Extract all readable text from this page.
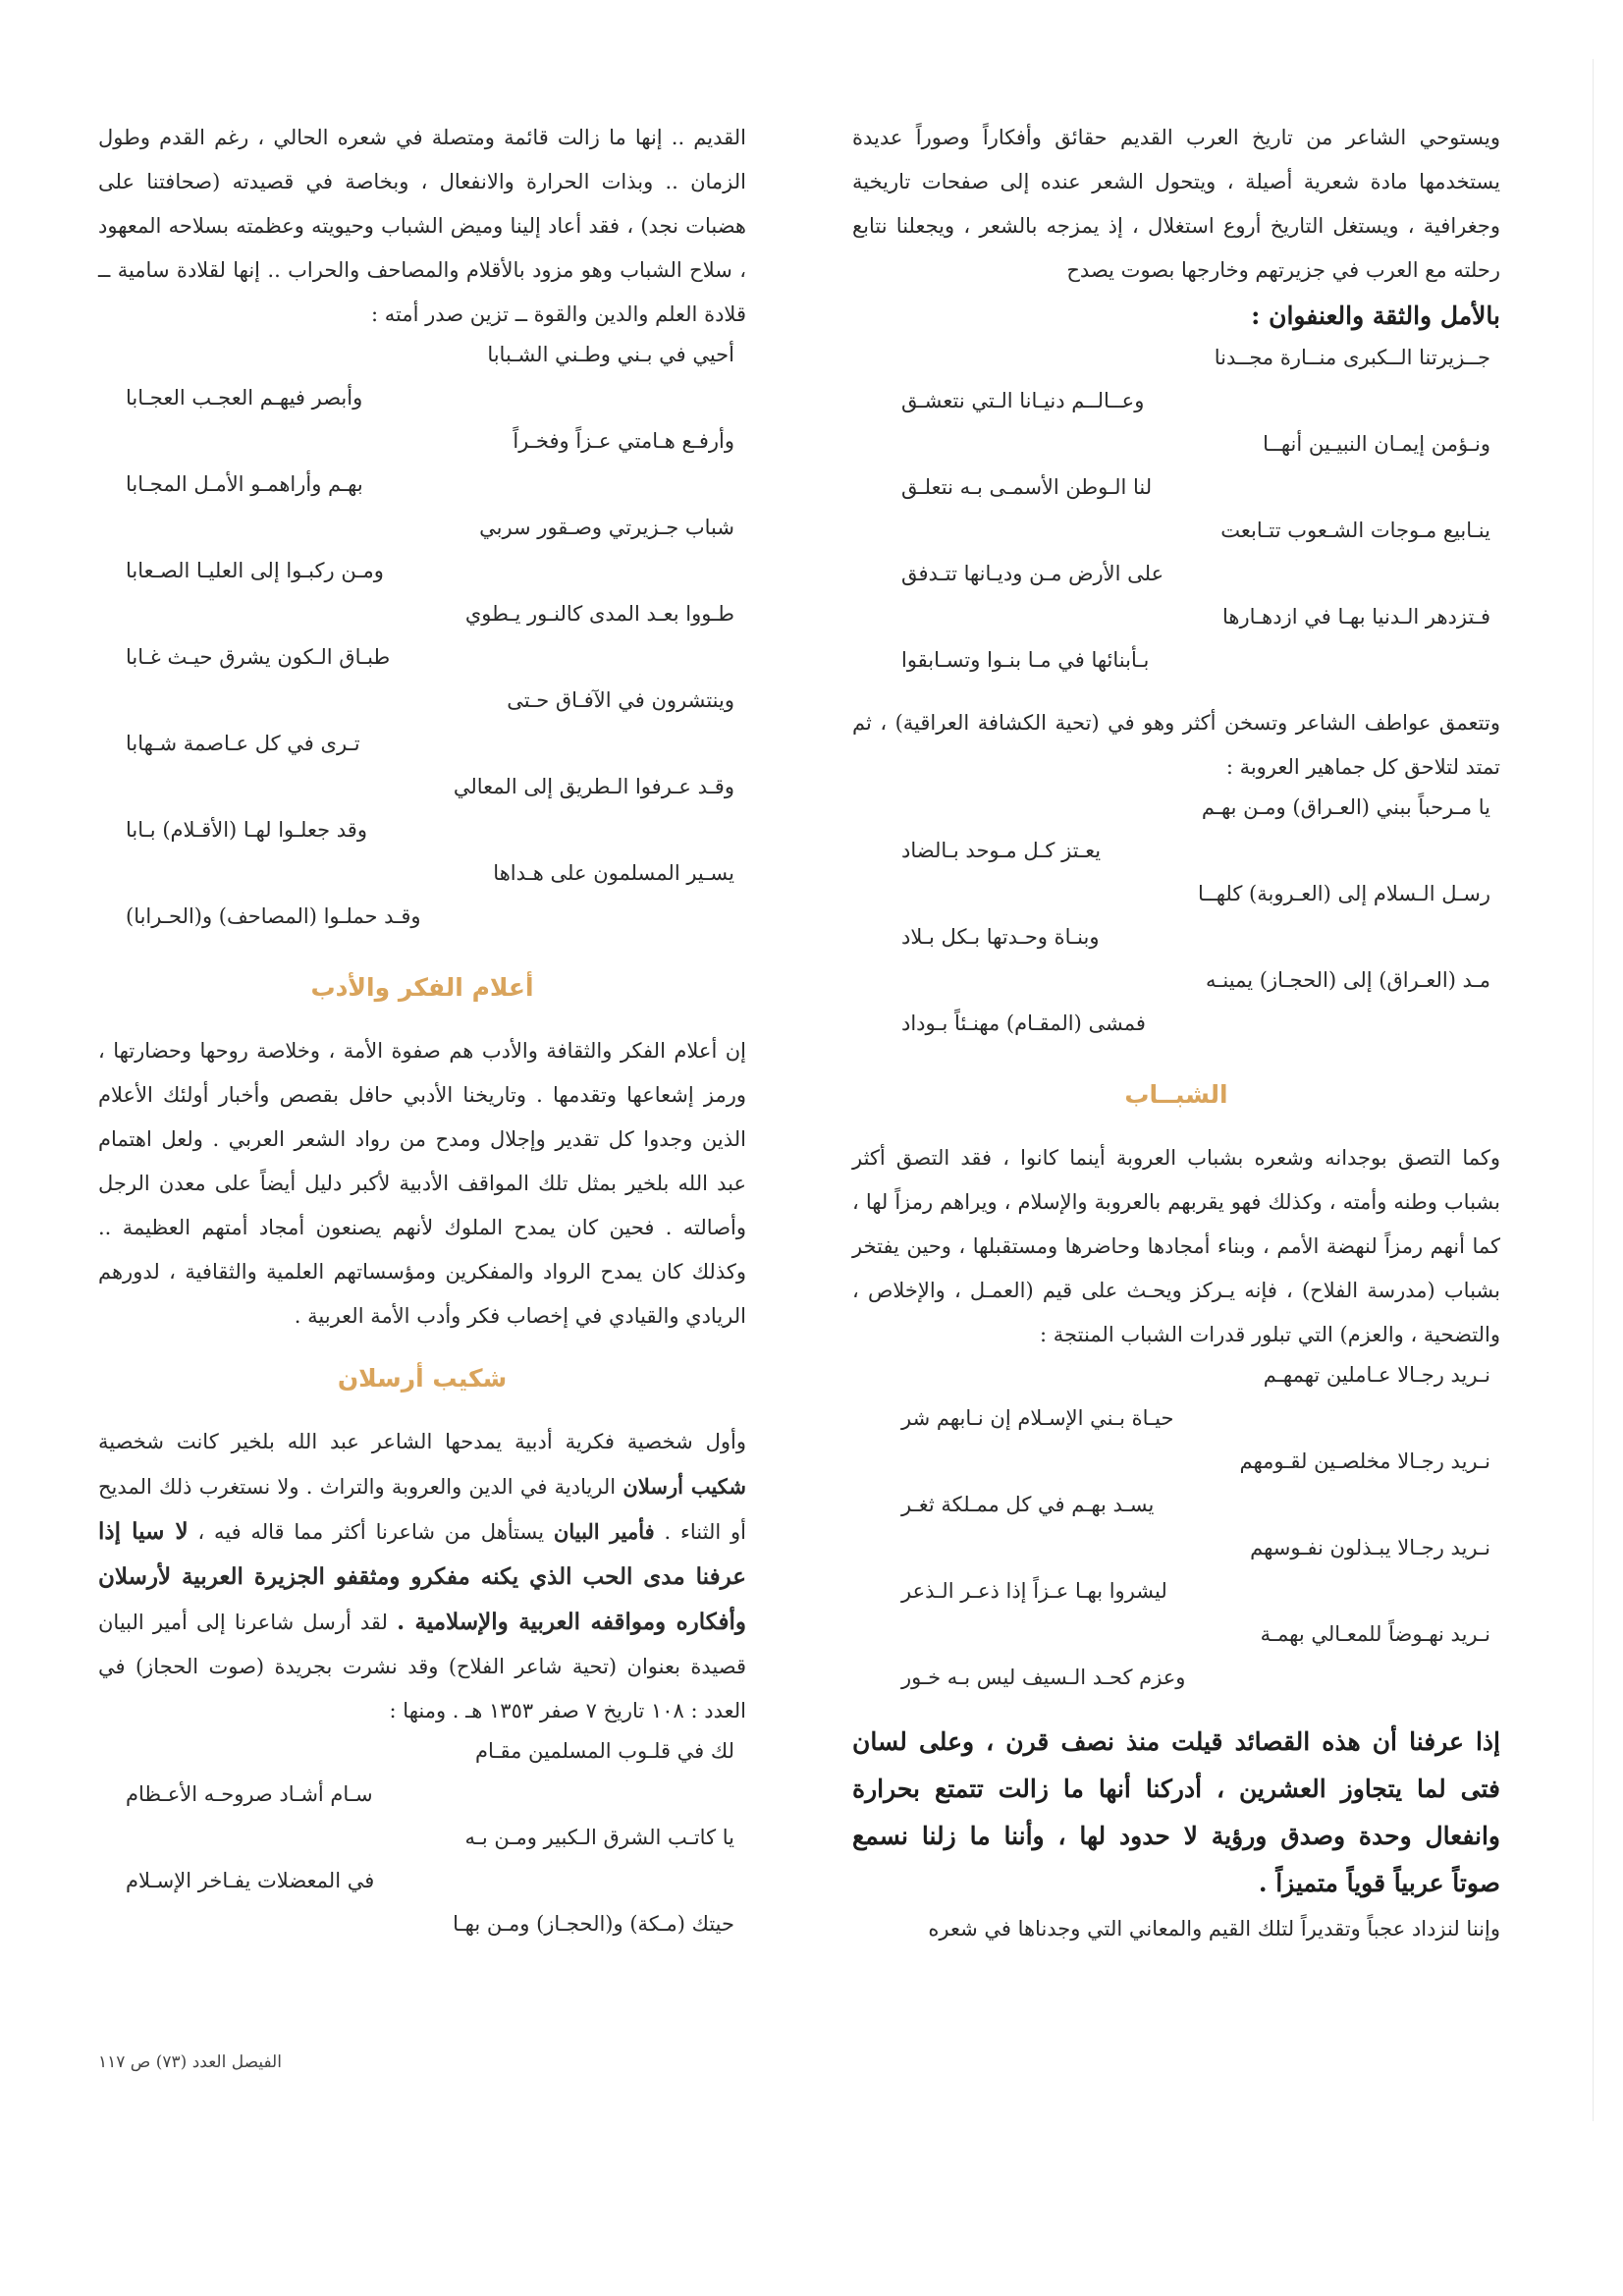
ويستوحي الشاعر من تاريخ العرب القديم حقائق وأفكاراً وصوراً عديدة يستخدمها مادة شعرية أصيلة ، ويتحول الشعر عنده إلى صفحات تاريخية وجغرافية ، ويستغل التاريخ أروع استغلال ، إذ يمزجه بالشعر ، ويجعلنا نتابع رحلته مع العرب في جزيرتهم وخارجها بصوت يصدح

بالأمل والثقة والعنفوان :

جــزيرتنا الــكبرى منــارة مجــدنا
وعــالــم دنيـانا الـتي نتعشـق
ونـؤمن إيمـان النبيـين أنهــا
لنا الـوطن الأسمـى بـه نتعلـق
ينـابيع مـوجات الشـعوب تتـابعت
على الأرض مـن وديـانها تتـدفق
فـتزدهر الـدنيا بهـا في ازدهـارها
بـأبنائها في مـا بنـوا وتسـابقوا

وتتعمق عواطف الشاعر وتسخن أكثر وهو في (تحية الكشافة العراقية) ، ثم تمتد لتلاحق كل جماهير العروبة :

يا مـرحباً ببني (العـراق) ومـن بهـم
يعـتز كـل مـوحد بـالضاد
رسـل الـسلام إلى (العـروبة) كلهــا
وبنـاة وحـدتها بـكل بـلاد
مـد (العـراق) إلى (الحجـاز) يمينـه
فمشى (المقـام) مهنـئاً بـوداد
الشبــاب

وكما التصق بوجدانه وشعره بشباب العروبة أينما كانوا ، فقد التصق أكثر بشباب وطنه وأمته ، وكذلك فهو يقربهم بالعروبة والإسلام ، ويراهم رمزاً لها ، كما أنهم رمزاً لنهضة الأمم ، وبناء أمجادها وحاضرها ومستقبلها ، وحين يفتخر بشباب (مدرسة الفلاح) ، فإنه يـركز ويحـث على قيم (العمـل ، والإخلاص ، والتضحية ، والعزم) التي تبلور قدرات الشباب المنتجة :

نـريد رجـالا عـاملين تهمهـم
حيـاة بـني الإسـلام إن نـابهم شر
نـريد رجـالا مخلصـين لقـومهم
يسـد بهـم في كل ممـلكة ثغـر
نـريد رجـالا يبـذلون نفـوسهم
ليشروا بهـا عـزاً إذا ذعـر الـذعر
نـريد نهـوضاً للمعـالي بهمـة
وعزم كحـد الـسيف ليس بـه خـور

إذا عرفنا أن هذه القصائد قيلت منذ نصف قرن ، وعلى لسان فتى لما يتجاوز العشرين ، أدركنا أنها ما زالت تتمتع بحرارة وانفعال وحدة وصدق ورؤية لا حدود لها ، وأننا ما زلنا نسمع صوتاً عربياً قوياً متميزاً .

وإننا لنزداد عجباً وتقديراً لتلك القيم والمعاني التي وجدناها في شعره

القديم .. إنها ما زالت قائمة ومتصلة في شعره الحالي ، رغم القدم وطول الزمان .. وبذات الحرارة والانفعال ، وبخاصة في قصيدته (صحافتنا على هضبات نجد) ، فقد أعاد إلينا وميض الشباب وحيويته وعظمته بسلاحه المعهود ، سلاح الشباب وهو مزود بالأقلام والمصاحف والحراب .. إنها لقلادة سامية ــ قلادة العلم والدين والقوة ــ تزين صدر أمته :

أحيي في بـني وطـني الشـبابا
وأبصر فيهـم العجـب العجـابا
وأرفـع هـامتي عـزاً وفخـراً
بهـم وأراهمـو الأمـل المجـابا
شباب جـزيرتي وصـقور سربي
ومـن ركبـوا إلى العليـا الصـعابا
طـووا بعـد المدى كالنـور يـطوي
طبـاق الـكون يشرق حيـث غـابا
وينتشرون في الآفـاق حـتى
تـرى في كل عـاصمة شـهابا
وقـد عـرفوا الـطريق إلى المعالي
وقد جعلـوا لهـا (الأقـلام) بـابا
يسـير المسلمون على هـداها
وقـد حملـوا (المصاحف) و(الحـرابا)
أعلام الفكر والأدب

إن أعلام الفكر والثقافة والأدب هم صفوة الأمة ، وخلاصة روحها وحضارتها ، ورمز إشعاعها وتقدمها . وتاريخنا الأدبي حافل بقصص وأخبار أولئك الأعلام الذين وجدوا كل تقدير وإجلال ومدح من رواد الشعر العربي . ولعل اهتمام عبد الله بلخير بمثل تلك المواقف الأدبية لأكبر دليل أيضاً على معدن الرجل وأصالته . فحين كان يمدح الملوك لأنهم يصنعون أمجاد أمتهم العظيمة .. وكذلك كان يمدح الرواد والمفكرين ومؤسساتهم العلمية والثقافية ، لدورهم الريادي والقيادي في إخصاب فكر وأدب الأمة العربية .

شكيب أرسلان

وأول شخصية فكرية أدبية يمدحها الشاعر عبد الله بلخير كانت شخصية شكيب أرسلان الريادية في الدين والعروبة والتراث . ولا نستغرب ذلك المديح أو الثناء . فأمير البيان يستأهل من شاعرنا أكثر مما قاله فيه ، لا سيا إذا عرفنا مدى الحب الذي يكنه مفكرو ومثقفو الجزيرة العربية لأرسلان وأفكاره ومواقفه العربية والإسلامية . لقد أرسل شاعرنا إلى أمير البيان قصيدة بعنوان (تحية شاعر الفلاح) وقد نشرت بجريدة (صوت الحجاز) في العدد : ١٠٨ تاريخ ٧ صفر ١٣٥٣ هـ . ومنها :

لك في قلـوب المسلمين مقـام
سـام أشـاد صروحـه الأعـظام
يا كاتـب الشرق الـكبير ومـن بـه
في المعضلات يفـاخر الإسـلام
حيتك (مـكة) و(الحجـاز) ومـن بهـا
الفيصل العدد (٧٣) ص ١١٧
